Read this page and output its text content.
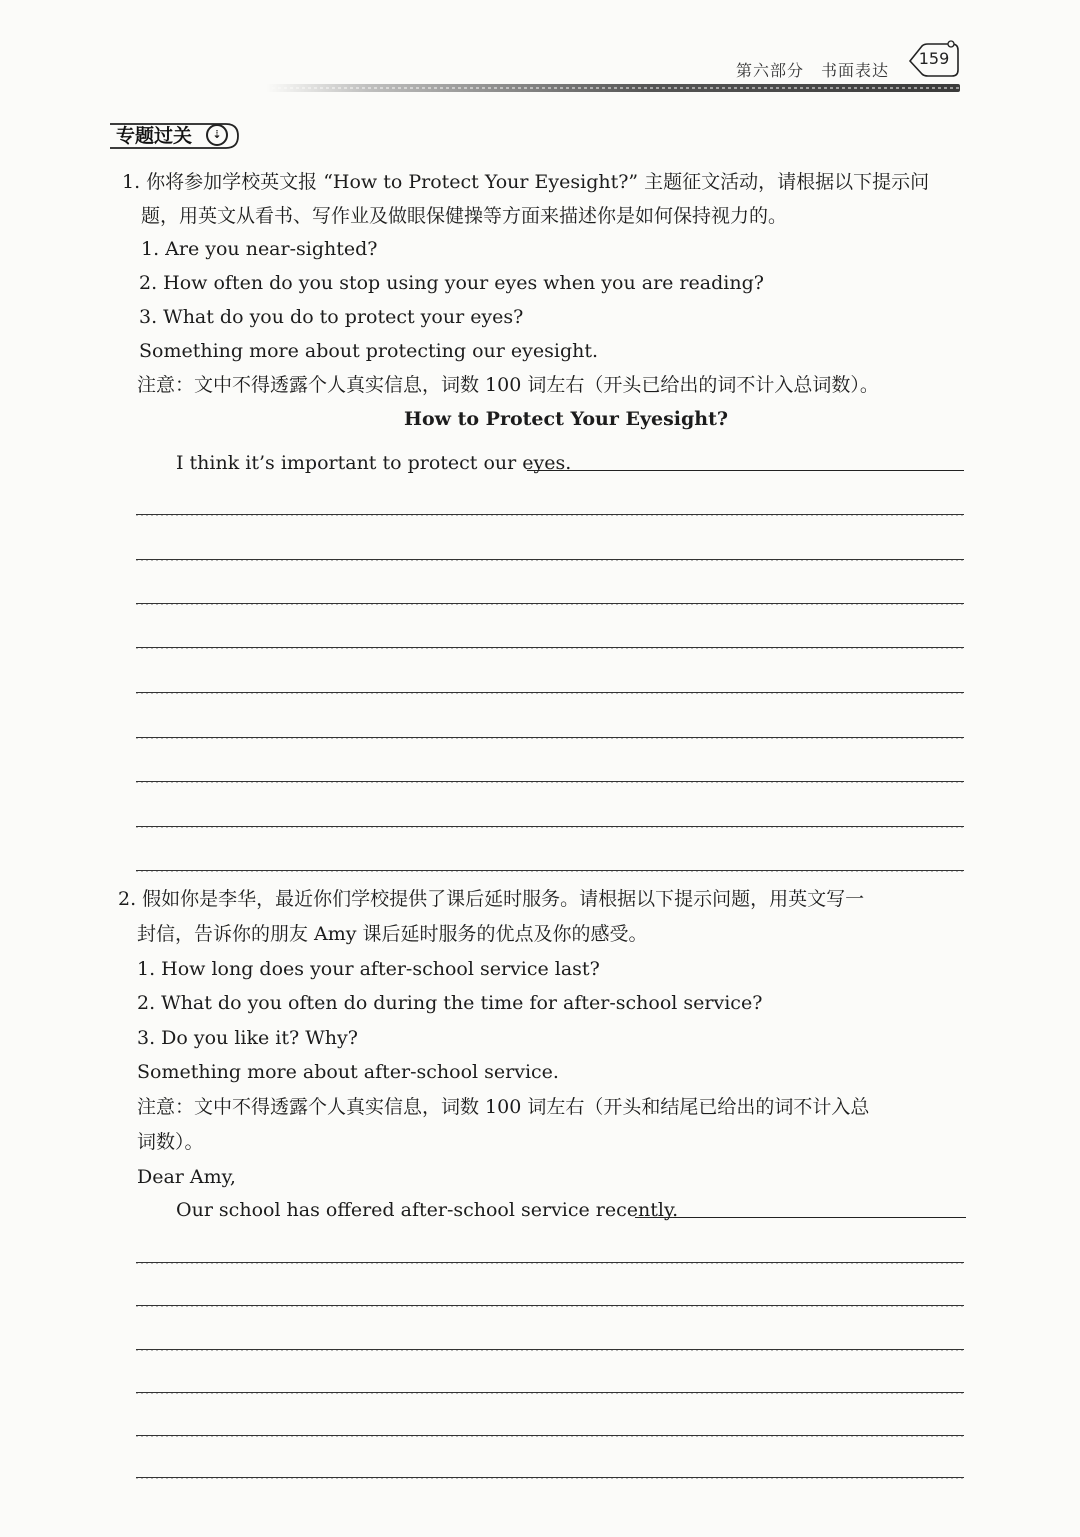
第六部分　书面表达
159
专题过关	⇣
1. 你将参加学校英文报 “How to Protect Your Eyesight?” 主题征文活动，请根据以下提示问
题，用英文从看书、写作业及做眼保健操等方面来描述你是如何保持视力的。
1. Are you near-sighted?
2. How often do you stop using your eyes when you are reading?
3. What do you do to protect your eyes?
Something more about protecting our eyesight.
注意：文中不得透露个人真实信息，词数 100 词左右（开头已给出的词不计入总词数）。
How to Protect Your Eyesight?
I think it’s important to protect our eyes.
2. 假如你是李华，最近你们学校提供了课后延时服务。请根据以下提示问题，用英文写一
封信，告诉你的朋友 Amy 课后延时服务的优点及你的感受。
1. How long does your after-school service last?
2. What do you often do during the time for after-school service?
3. Do you like it? Why?
Something more about after-school service.
注意：文中不得透露个人真实信息，词数 100 词左右（开头和结尾已给出的词不计入总
词数）。
Dear Amy,
Our school has offered after-school service recently.
